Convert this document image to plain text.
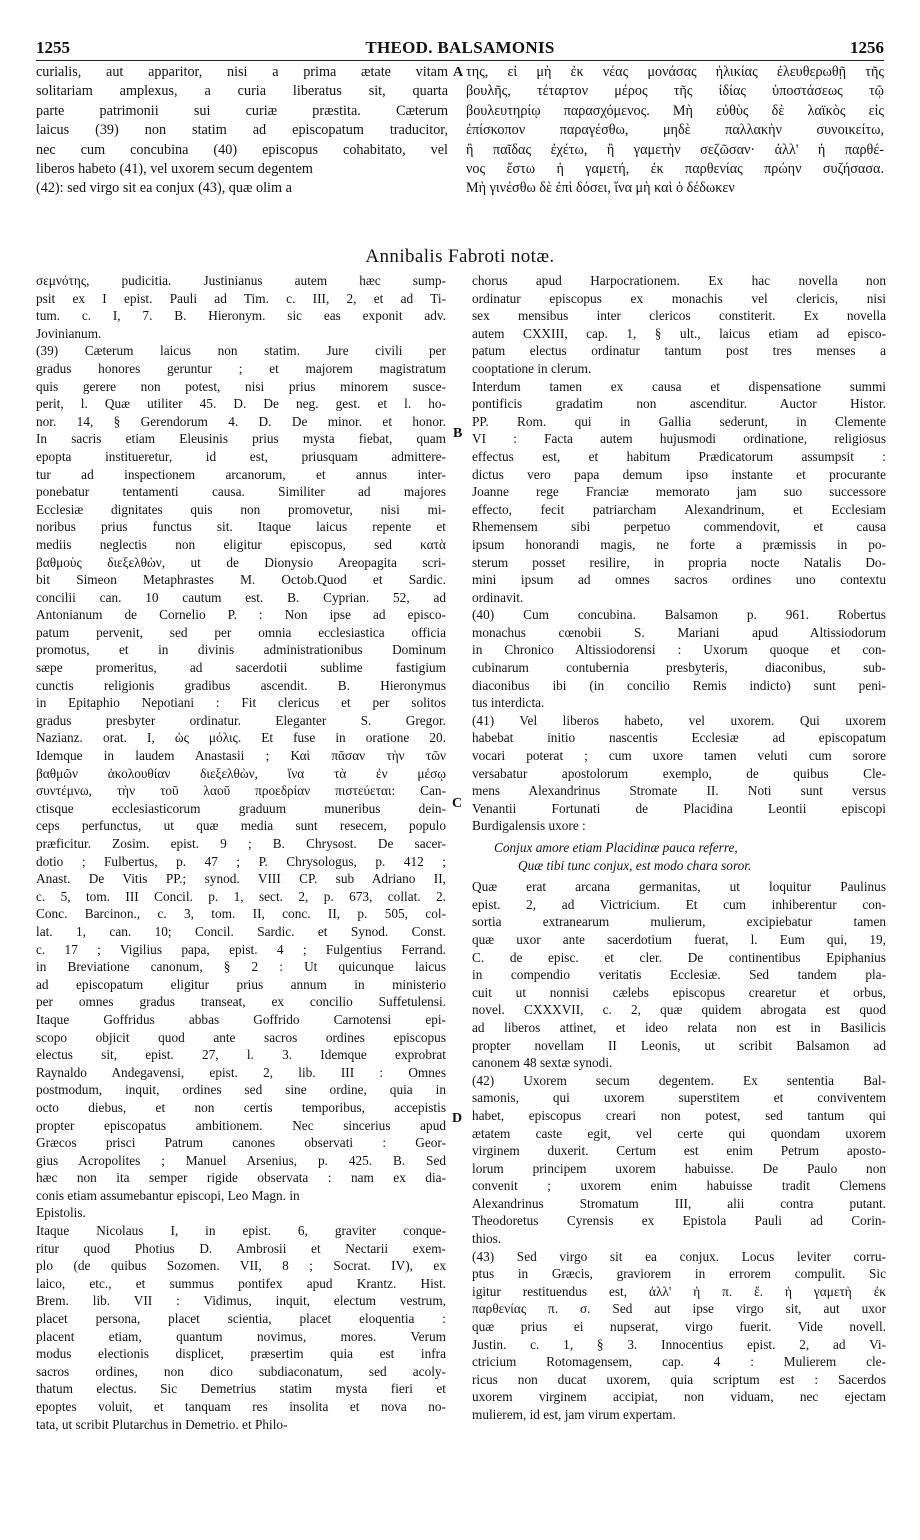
1255	THEOD. BALSAMONIS	1256
curialis, aut apparitor, nisi a prima ætate vitam
solitariam amplexus, a curia liberatus sit, quarta
parte patrimonii sui curiæ præstita. Cæterum
laicus (39) non statim ad episcopatum traducitor,
nec cum concubina (40) episcopus cohabitato, vel
liberos habeto (41), vel uxorem secum degentem
(42): sed virgo sit ea conjux (43), quæ olim a
της, εἰ μὴ ἐκ νέας μονάσας ἡλικίας ἐλευθερωθῇ τῆς
βουλῆς, τέταρτον μέρος τῆς ἰδίας ὑποστάσεως τῷ
βουλευτηρίῳ παρασχόμενος. Μὴ εὐθὺς δὲ λαϊκὸς εἰς
ἐπίσκοπον παραγέσθω, μηδὲ παλλακὴν συνοικείτω,
ἢ παῖδας ἐχέτω, ἢ γαμετὴν σεζῶσαν· ἀλλ' ἡ παρθέ-
νος ἔστω ἡ γαμετή, ἐκ παρθενίας πρώην συζήσασα.
Μὴ γινέσθω δὲ ἐπὶ δόσει, ἵνα μὴ καὶ ὁ δέδωκεν
A
B
C
D
Annibalis Fabroti notæ.
σεμνότης, pudicitia. Justinianus autem hæc sump-
psit ex I epist. Pauli ad Tim. c. III, 2, et ad Ti-
tum. c. I, 7. B. Hieronym. sic eas exponit adv.
Jovinianum.
(39) Cæterum laicus non statim. Jure civili per
gradus honores geruntur ; et majorem magistratum
quis gerere non potest, nisi prius minorem susce-
perit, l. Quæ utiliter 45. D. De neg. gest. et l. ho-
nor. 14, § Gerendorum 4. D. De minor. et honor.
In sacris etiam Eleusinis prius mysta fiebat, quam
epopta institueretur, id est, priusquam admittere-
tur ad inspectionem arcanorum, et annus inter-
ponebatur tentamenti causa. Similiter ad majores
Ecclesiæ dignitates quis non promovetur, nisi mi-
noribus prius functus sit. Itaque laicus repente et
mediis neglectis non eligitur episcopus, sed κατὰ
βαθμοὺς διεξελθὼν, ut de Dionysio Areopagita scri-
bit Simeon Metaphrastes M. Octob.Quod et Sardic.
concilii can. 10 cautum est. B. Cyprian. 52, ad
Antonianum de Cornelio P. : Non ipse ad episco-
patum pervenit, sed per omnia ecclesiastica officia
promotus, et in divinis administrationibus Dominum
sæpe promeritus, ad sacerdotii sublime fastigium
cunctis religionis gradibus ascendit. B. Hieronymus
in Epitaphio Nepotiani : Fit clericus et per solitos
gradus presbyter ordinatur. Eleganter S. Gregor.
Nazianz. orat. I, ὡς μόλις. Et fuse in oratione 20.
Idemque in laudem Anastasii ; Καὶ πᾶσαν τὴν τῶν
βαθμῶν ἀκολουθίαν διεξελθὼν, ἵνα τὰ ἐν μέσῳ
συντέμνω, τὴν τοῦ λαοῦ προεδρίαν πιστεύεται: Can-
ctisque ecclesiasticorum graduum muneribus dein-
ceps perfunctus, ut quæ media sunt resecem, populo
præficitur. Zosim. epist. 9 ; B. Chrysost. De sacer-
dotio ; Fulbertus, p. 47 ; P. Chrysologus, p. 412 ;
Anast. De Vitis PP.; synod. VIII CP. sub Adriano II,
c. 5, tom. III Concil. p. 1, sect. 2, p. 673, collat. 2.
Conc. Barcinon., c. 3, tom. II, conc. II, p. 505, col-
lat. 1, can. 10; Concil. Sardic. et Synod. Const.
c. 17 ; Vigilius papa, epist. 4 ; Fulgentius Ferrand.
in Breviatione canonum, § 2 : Ut quicunque laicus
ad episcopatum eligitur prius annum in ministerio
per omnes gradus transeat, ex concilio Suffetulensi.
Itaque Goffridus abbas Goffrido Carnotensi epi-
scopo objicit quod ante sacros ordines episcopus
electus sit, epist. 27, l. 3. Idemque exprobrat
Raynaldo Andegavensi, epist. 2, lib. III : Omnes
postmodum, inquit, ordines sed sine ordine, quia in
octo diebus, et non certis temporibus, accepistis
propter episcopatus ambitionem. Nec sincerius apud
Græcos prisci Patrum canones observati : Geor-
gius Acropolites ; Manuel Arsenius, p. 425. B. Sed
hæc non ita semper rigide observata : nam ex dia-
conis etiam assumebantur episcopi, Leo Magn. in
Epistolis.
Itaque Nicolaus I, in epist. 6, graviter conque-
ritur quod Photius D. Ambrosii et Nectarii exem-
plo (de quibus Sozomen. VII, 8 ; Socrat. IV), ex
laico, etc., et summus pontifex apud Krantz. Hist.
Brem. lib. VII : Vidimus, inquit, electum vestrum,
placet persona, placet scientia, placet eloquentia :
placent etiam, quantum novimus, mores. Verum
modus electionis displicet, præsertim quia est infra
sacros ordines, non dico subdiaconatum, sed acoly-
thatum electus. Sic Demetrius statim mysta fieri et
epoptes voluit, et tanquam res insolita et nova no-
tata, ut scribit Plutarchus in Demetrio. et Philo-
chorus apud Harpocrationem. Ex hac novella non
ordinatur episcopus ex monachis vel clericis, nisi
sex mensibus inter clericos constiterit. Ex novella
autem CXXIII, cap. 1, § ult., laicus etiam ad episco-
patum electus ordinatur tantum post tres menses a
cooptatione in clerum.
Interdum tamen ex causa et dispensatione summi
pontificis gradatim non ascenditur. Auctor Histor.
PP. Rom. qui in Gallia sederunt, in Clemente
VI : Facta autem hujusmodi ordinatione, religiosus
effectus est, et habitum Prædicatorum assumpsit :
dictus vero papa demum ipso instante et procurante
Joanne rege Franciæ memorato jam suo successore
effecto, fecit patriarcham Alexandrinum, et Ecclesiam
Rhemensem sibi perpetuo commendovit, et causa
ipsum honorandi magis, ne forte a præmissis in po-
sterum posset resilire, in propria nocte Natalis Do-
mini ipsum ad omnes sacros ordines uno contextu
ordinavit.
(40) Cum concubina. Balsamon p. 961. Robertus
monachus cœnobii S. Mariani apud Altissiodorum
in Chronico Altissiodorensi : Uxorum quoque et con-
cubinarum contubernia presbyteris, diaconibus, sub-
diaconibus ibi (in concilio Remis indicto) sunt peni-
tus interdicta.
(41) Vel liberos habeto, vel uxorem. Qui uxorem
habebat initio nascentis Ecclesiæ ad episcopatum
vocari poterat ; cum uxore tamen veluti cum sorore
versabatur apostolorum exemplo, de quibus Cle-
mens Alexandrinus Stromate II. Noti sunt versus
Venantii Fortunati de Placidina Leontii episcopi
Burdigalensis uxore :
Conjux amore etiam Placidinæ pauca referre,
Quæ tibi tunc conjux, est modo chara soror.
Quæ erat arcana germanitas, ut loquitur Paulinus
epist. 2, ad Victricium. Et cum inhiberentur con-
sortia extranearum mulierum, excipiebatur tamen
quæ uxor ante sacerdotium fuerat, l. Eum qui, 19,
C. de episc. et cler. De continentibus Epiphanius
in compendio veritatis Ecclesiæ. Sed tandem pla-
cuit ut nonnisi cælebs episcopus crearetur et orbus,
novel. CXXXVII, c. 2, quæ quidem abrogata est quod
ad liberos attinet, et ideo relata non est in Basilicis
propter novellam II Leonis, ut scribit Balsamon ad
canonem 48 sextæ synodi.
(42) Uxorem secum degentem. Ex sententia Bal-
samonis, qui uxorem superstitem et conviventem
habet, episcopus creari non potest, sed tantum qui
ætatem caste egit, vel certe qui quondam uxorem
virginem duxerit. Certum est enim Petrum aposto-
lorum principem uxorem habuisse. De Paulo non
convenit ; uxorem enim habuisse tradit Clemens
Alexandrinus Stromatum III, alii contra putant.
Theodoretus Cyrensis ex Epistola Pauli ad Corin-
thios.
(43) Sed virgo sit ea conjux. Locus leviter corru-
ptus in Græcis, graviorem in errorem compulit. Sic
igitur restituendus est, ἀλλ' ἡ π. ἔ. ἡ γαμετὴ ἐκ
παρθενίας π. σ. Sed aut ipse virgo sit, aut uxor
quæ prius ei nupserat, virgo fuerit. Vide novell.
Justin. c. 1, § 3. Innocentius epist. 2, ad Vi-
ctricium Rotomagensem, cap. 4 : Mulierem cle-
ricus non ducat uxorem, quia scriptum est : Sacerdos
uxorem virginem accipiat, non viduam, nec ejectam
mulierem, id est, jam virum expertam.
